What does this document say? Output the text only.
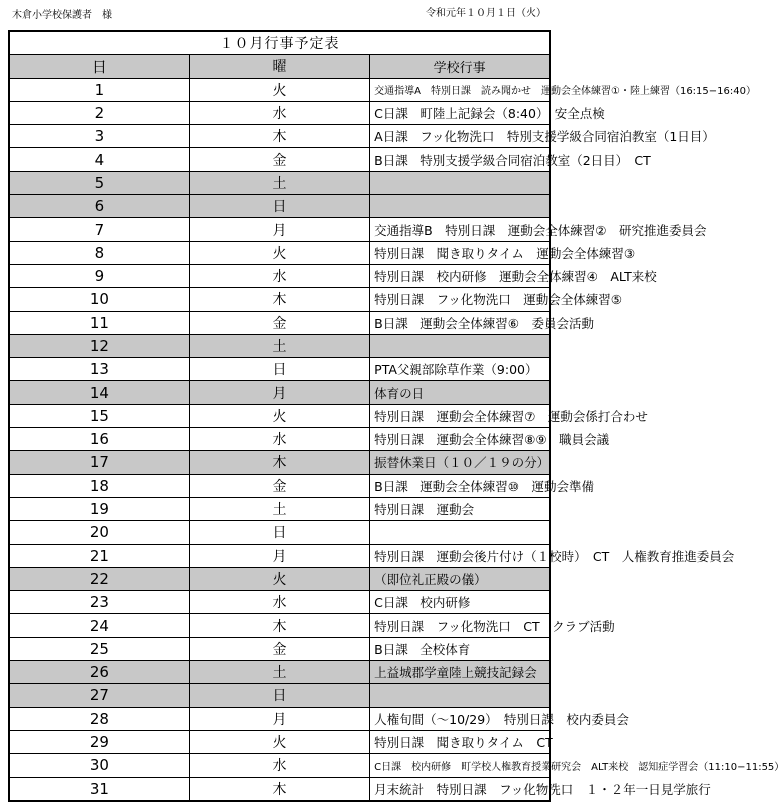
木倉小学校保護者　様	令和元年１０月１日（火）
１０月行事予定表		
日	曜	学校行事
1	火	交通指導A　特別日課　読み聞かせ　運動会全体練習①・陸上練習（16:15−16:40）
2	水	C日課　町陸上記録会（8:40）　安全点検
3	木	A日課　フッ化物洗口　特別支援学級合同宿泊教室（1日目）
4	金	B日課　特別支援学級合同宿泊教室（2日目）　CT
5	土	
6	日	
7	月	交通指導B　特別日課　運動会全体練習②　研究推進委員会
8	火	特別日課　聞き取りタイム　運動会全体練習③
9	水	特別日課　校内研修　運動会全体練習④　ALT来校
10	木	特別日課　フッ化物洗口　運動会全体練習⑤
11	金	B日課　運動会全体練習⑥　委員会活動
12	土	
13	日	PTA父親部除草作業（9:00）
14	月	体育の日
15	火	特別日課　運動会全体練習⑦　運動会係打合わせ
16	水	特別日課　運動会全体練習⑧⑨　職員会議
17	木	振替休業日（１０／１９の分）
18	金	B日課　運動会全体練習⑩　運動会準備
19	土	特別日課　運動会
20	日	
21	月	特別日課　運動会後片付け（１校時）　CT　人権教育推進委員会
22	火	（即位礼正殿の儀）
23	水	C日課　校内研修
24	木	特別日課　フッ化物洗口　CT　クラブ活動
25	金	B日課　全校体育
26	土	上益城郡学童陸上競技記録会
27	日	
28	月	人権旬間（〜10/29）　特別日課　校内委員会
29	火	特別日課　聞き取りタイム　CT
30	水	C日課　校内研修　町学校人権教育授業研究会　ALT来校　認知症学習会（11:10−11:55）
31	木	月末統計　特別日課　フッ化物洗口　１・２年一日見学旅行
